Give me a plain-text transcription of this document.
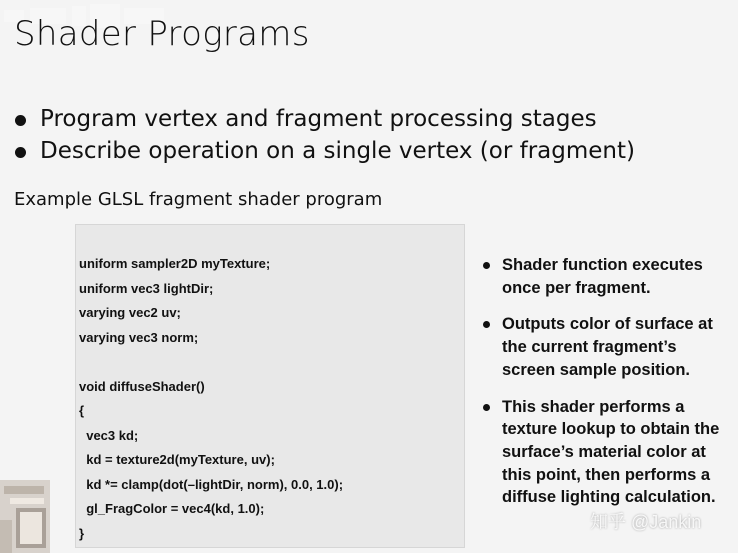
Shader Programs
Program vertex and fragment processing stages
Describe operation on a single vertex (or fragment)
Example GLSL fragment shader program
uniform sampler2D myTexture;
uniform vec3 lightDir;
varying vec2 uv;
varying vec3 norm;
void diffuseShader()
{
vec3 kd;
kd = texture2d(myTexture, uv);
kd *= clamp(dot(–lightDir, norm), 0.0, 1.0);
gl_FragColor = vec4(kd, 1.0);
}
Shader function executes once per fragment.
Outputs color of surface at the current fragment’s screen sample position.
This shader performs a texture lookup to obtain the surface’s material color at this point, then performs a diffuse lighting calculation.
知乎 @Jankin
